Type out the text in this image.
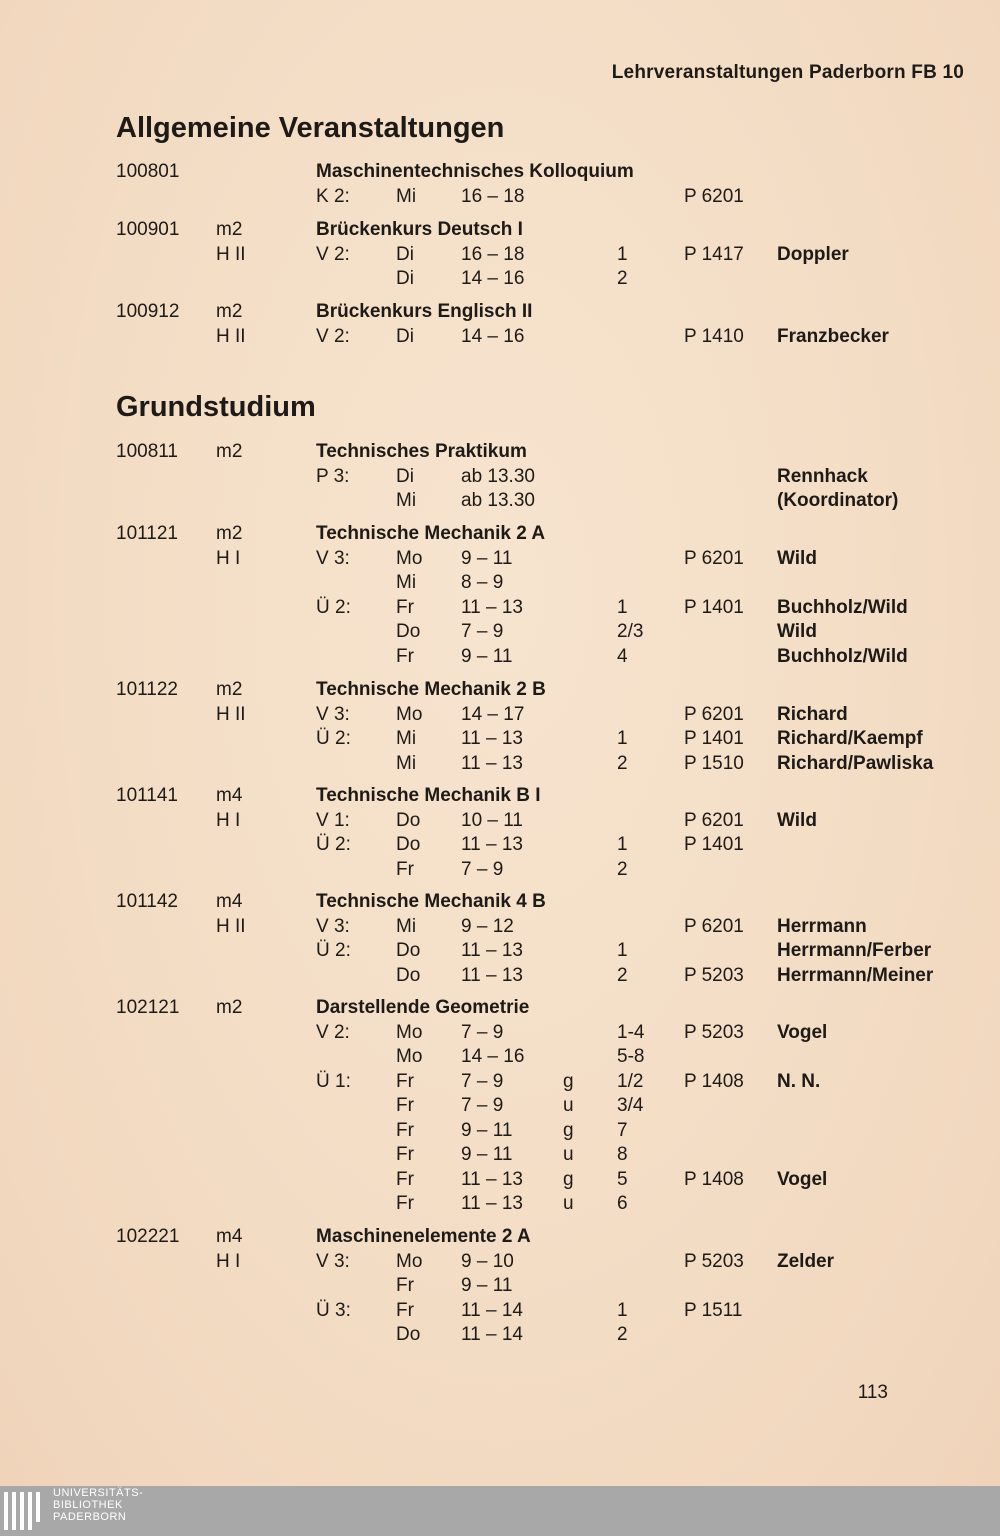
Lehrveranstaltungen Paderborn FB 10
Allgemeine Veranstaltungen
100801	Maschinentechnisches Kolloquium
K 2: Mi 16 – 18	P 6201
100901 m2	Brückenkurs Deutsch I
H II	V 2: Di 16 – 18	1	P 1417 Doppler
Di 14 – 16	2
100912 m2	Brückenkurs Englisch II
H II	V 2: Di 14 – 16	P 1410 Franzbecker
Grundstudium
100811 m2	Technisches Praktikum
P 3: Di ab 13.30	Rennhack
Mi ab 13.30	(Koordinator)
101121 m2	Technische Mechanik 2 A
H I	V 3: Mo 9 – 11	P 6201 Wild
Mi 8 – 9
Ü 2: Fr 11 – 13	1	P 1401 Buchholz/Wild
Do 7 – 9	2/3	Wild
Fr 9 – 11	4	Buchholz/Wild
101122 m2	Technische Mechanik 2 B
H II	V 3: Mo 14 – 17	P 6201 Richard
Ü 2: Mi 11 – 13	1	P 1401 Richard/Kaempf
Mi 11 – 13	2	P 1510 Richard/Pawliska
101141 m4	Technische Mechanik B I
H I	V 1: Do 10 – 11	P 6201 Wild
Ü 2: Do 11 – 13	1	P 1401
Fr 7 – 9	2
101142 m4	Technische Mechanik 4 B
H II	V 3: Mi 9 – 12	P 6201 Herrmann
Ü 2: Do 11 – 13	1	Herrmann/Ferber
Do 11 – 13	2	P 5203 Herrmann/Meiner
102121 m2	Darstellende Geometrie
V 2: Mo 7 – 9	1-4 P 5203 Vogel
Mo 14 – 16	5-8
Ü 1: Fr 7 – 9	g 1/2 P 1408 N. N.
Fr 7 – 9	u 3/4
Fr 9 – 11	g 7
Fr 9 – 11	u 8
Fr 11 – 13 g 5	P 1408 Vogel
Fr 11 – 13 u 6
102221 m4	Maschinenelemente 2 A
H I	V 3: Mo 9 – 10	P 5203 Zelder
Fr 9 – 11
Ü 3: Fr 11 – 14	1	P 1511
Do 11 – 14	2
113
UNIVERSITÄTS-
BIBLIOTHEK
PADERBORN
